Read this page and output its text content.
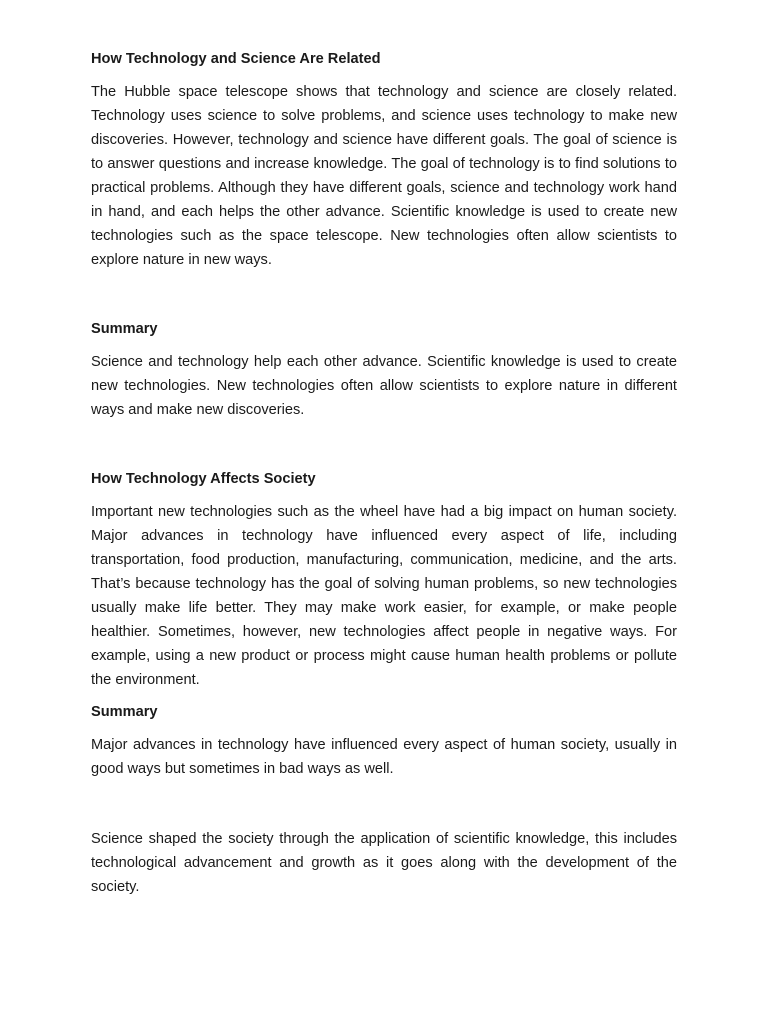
How Technology and Science Are Related

The Hubble space telescope shows that technology and science are closely related. Technology uses science to solve problems, and science uses technology to make new discoveries. However, technology and science have different goals. The goal of science is to answer questions and increase knowledge. The goal of technology is to find solutions to practical problems. Although they have different goals, science and technology work hand in hand, and each helps the other advance. Scientific knowledge is used to create new technologies such as the space telescope. New technologies often allow scientists to explore nature in new ways.

Summary

Science and technology help each other advance. Scientific knowledge is used to create new technologies. New technologies often allow scientists to explore nature in different ways and make new discoveries.

How Technology Affects Society

Important new technologies such as the wheel have had a big impact on human society. Major advances in technology have influenced every aspect of life, including transportation, food production, manufacturing, communication, medicine, and the arts. That’s because technology has the goal of solving human problems, so new technologies usually make life better. They may make work easier, for example, or make people healthier. Sometimes, however, new technologies affect people in negative ways. For example, using a new product or process might cause human health problems or pollute the environment.

Summary

Major advances in technology have influenced every aspect of human society, usually in good ways but sometimes in bad ways as well.

Science shaped the society through the application of scientific knowledge, this includes technological advancement and growth as it goes along with the development of the society.
